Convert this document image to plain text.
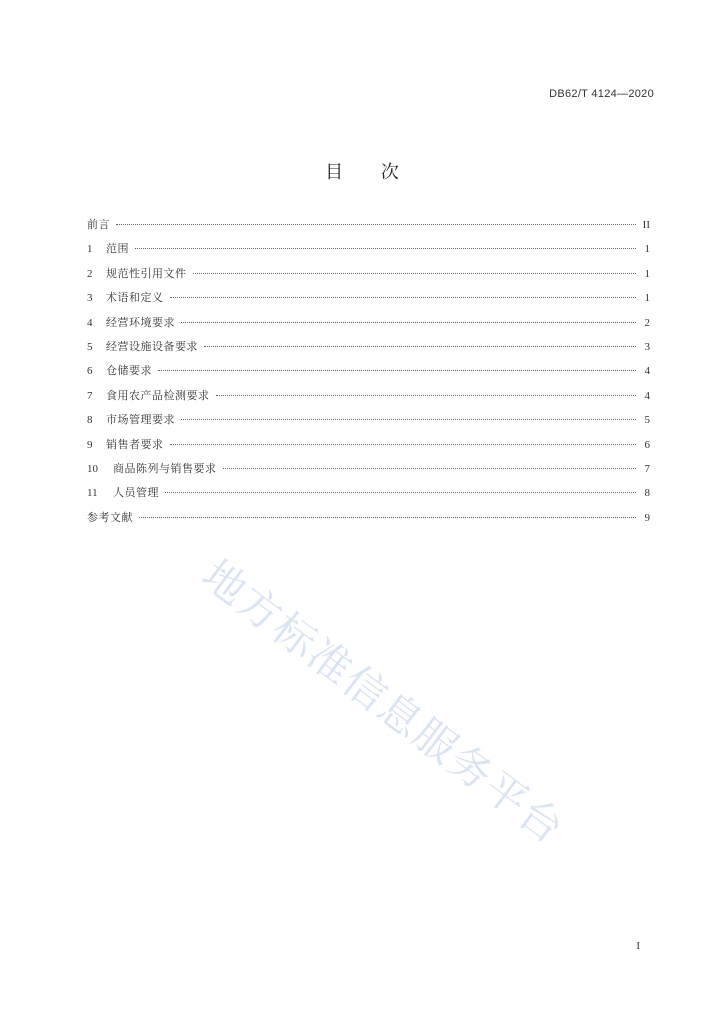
DB62/T 4124—2020
目 次
前言	II
1	范围	1
2	规范性引用文件	1
3	术语和定义	1
4	经营环境要求	2
5	经营设施设备要求	3
6	仓储要求	4
7	食用农产品检测要求	4
8	市场管理要求	5
9	销售者要求	6
10	商品陈列与销售要求	7
11	人员管理	8
参考文献	9
地方标准信息服务平台
I
